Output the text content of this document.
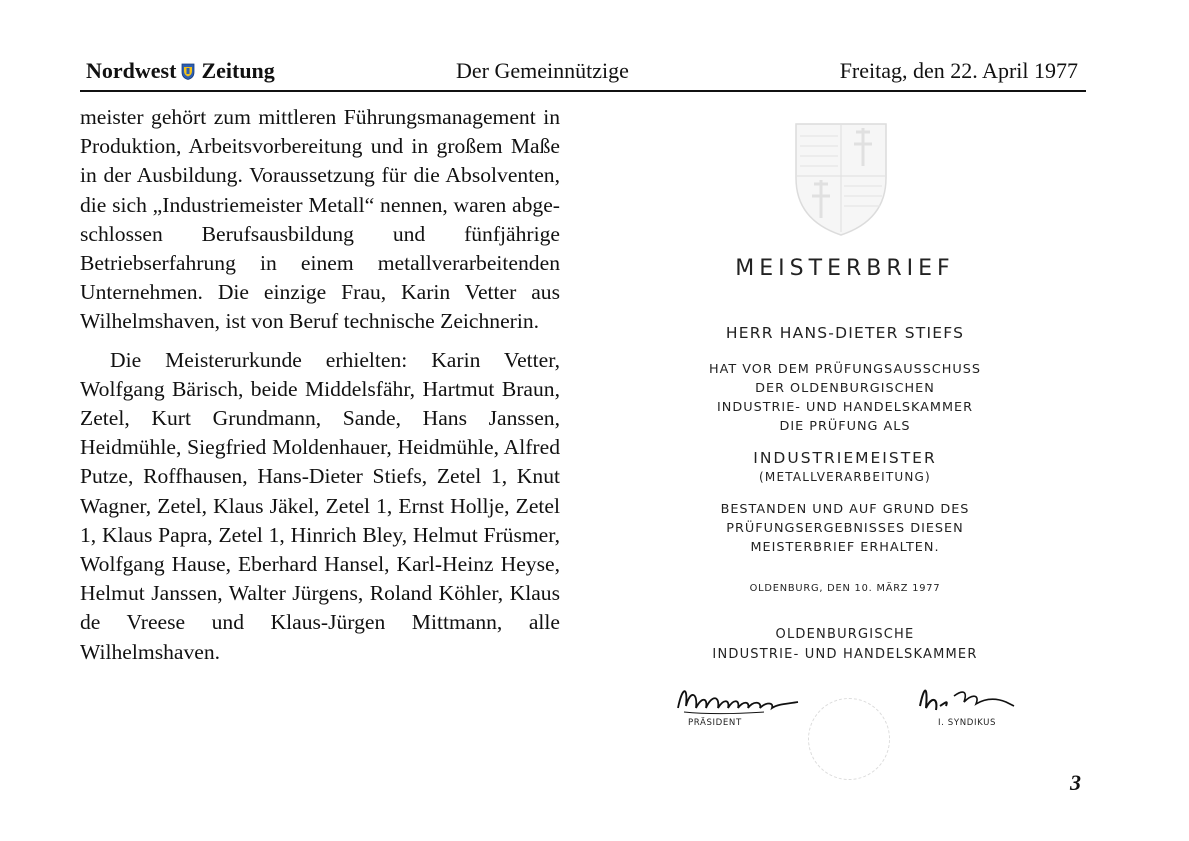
Nordwest Zeitung	Der Gemeinnützige	Freitag, den 22. April 1977

meister gehört zum mittleren Führungsmanagement in Produktion, Arbeitsvorbereitung und in großem Maße in der Ausbildung. Voraussetzung für die Absolventen, die sich „Industriemeister Metall“ nennen, waren abgeschlossen Berufsausbildung und fünfjährige Betriebserfahrung in einem metallverarbeitenden Unternehmen. Die einzige Frau, Karin Vetter aus Wilhelmshaven, ist von Beruf technische Zeichnerin.

Die Meisterurkunde erhielten: Karin Vetter, Wolfgang Bärisch, beide Middelsfähr, Hartmut Braun, Zetel, Kurt Grundmann, Sande, Hans Janssen, Heidmühle, Siegfried Moldenhauer, Heidmühle, Alfred Putze, Roffhausen, Hans-Dieter Stiefs, Zetel 1, Knut Wagner, Zetel, Klaus Jäkel, Zetel 1, Ernst Hollje, Zetel 1, Klaus Papra, Zetel 1, Hinrich Bley, Helmut Früsmer, Wolfgang Hause, Eberhard Hansel, Karl-Heinz Heyse, Helmut Janssen, Walter Jürgens, Roland Köhler, Klaus de Vreese und Klaus-Jürgen Mittmann, alle Wilhelmshaven.

MEISTERBRIEF
HERR HANS-DIETER STIEFS
HAT VOR DEM PRÜFUNGSAUSSCHUSS
DER OLDENBURGISCHEN
INDUSTRIE- UND HANDELSKAMMER
DIE PRÜFUNG ALS
INDUSTRIEMEISTER
(METALLVERARBEITUNG)
BESTANDEN UND AUF GRUND DES
PRÜFUNGSERGEBNISSES DIESEN
MEISTERBRIEF ERHALTEN.
OLDENBURG, DEN 10. MÄRZ 1977
OLDENBURGISCHE
INDUSTRIE- UND HANDELSKAMMER
PRÄSIDENT	I. SYNDIKUS
3
